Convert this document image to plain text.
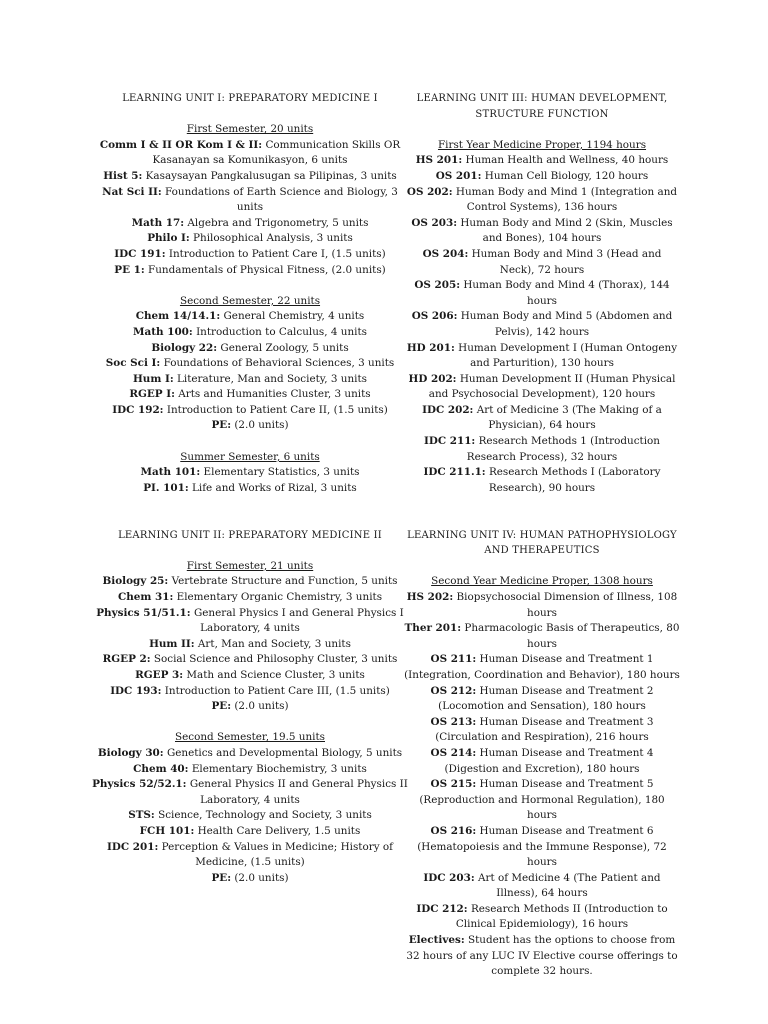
LEARNING UNIT I: PREPARATORY MEDICINE I

First Semester, 20 units

Comm I & II OR Kom I & II: Communication Skills OR Kasanayan sa Komunikasyon, 6 units

Hist 5: Kasaysayan Pangkalusugan sa Pilipinas, 3 units

Nat Sci II: Foundations of Earth Science and Biology, 3 units

Math 17: Algebra and Trigonometry, 5 units

Philo I: Philosophical Analysis, 3 units

IDC 191: Introduction to Patient Care I, (1.5 units)

PE 1: Fundamentals of Physical Fitness, (2.0 units)

Second Semester, 22 units

Chem 14/14.1: General Chemistry, 4 units

Math 100: Introduction to Calculus, 4 units

Biology 22: General Zoology, 5 units

Soc Sci I: Foundations of Behavioral Sciences, 3 units

Hum I: Literature, Man and Society, 3 units

RGEP I: Arts and Humanities Cluster, 3 units

IDC 192: Introduction to Patient Care II, (1.5 units)

PE: (2.0 units)

Summer Semester, 6 units

Math 101: Elementary Statistics, 3 units

PI. 101: Life and Works of Rizal, 3 units

LEARNING UNIT II: PREPARATORY MEDICINE II

First Semester, 21 units

Biology 25: Vertebrate Structure and Function, 5 units

Chem 31: Elementary Organic Chemistry, 3 units

Physics 51/51.1: General Physics I and General Physics I Laboratory, 4 units

Hum II: Art, Man and Society, 3 units

RGEP 2: Social Science and Philosophy Cluster, 3 units

RGEP 3: Math and Science Cluster, 3 units

IDC 193: Introduction to Patient Care III, (1.5 units)

PE: (2.0 units)

Second Semester, 19.5 units

Biology 30: Genetics and Developmental Biology, 5 units

Chem 40: Elementary Biochemistry, 3 units

Physics 52/52.1: General Physics II and General Physics II Laboratory, 4 units

STS: Science, Technology and Society, 3 units

FCH 101: Health Care Delivery, 1.5 units

IDC 201: Perception & Values in Medicine; History of Medicine, (1.5 units)

PE: (2.0 units)

LEARNING UNIT III: HUMAN DEVELOPMENT, STRUCTURE FUNCTION

First Year Medicine Proper, 1194 hours

HS 201: Human Health and Wellness, 40 hours

OS 201: Human Cell Biology, 120 hours

OS 202: Human Body and Mind 1 (Integration and Control Systems), 136 hours

OS 203: Human Body and Mind 2 (Skin, Muscles and Bones), 104 hours

OS 204: Human Body and Mind 3 (Head and Neck), 72 hours

OS 205: Human Body and Mind 4 (Thorax), 144 hours

OS 206: Human Body and Mind 5 (Abdomen and Pelvis), 142 hours

HD 201: Human Development I (Human Ontogeny and Parturition), 130 hours

HD 202: Human Development II (Human Physical and Psychosocial Development), 120 hours

IDC 202: Art of Medicine 3 (The Making of a Physician), 64 hours

IDC 211: Research Methods 1 (Introduction Research Process), 32 hours

IDC 211.1: Research Methods I (Laboratory Research), 90 hours

LEARNING UNIT IV: HUMAN PATHOPHYSIOLOGY AND THERAPEUTICS

Second Year Medicine Proper, 1308 hours

HS 202: Biopsychosocial Dimension of Illness, 108 hours

Ther 201: Pharmacologic Basis of Therapeutics, 80 hours

OS 211: Human Disease and Treatment 1 (Integration, Coordination and Behavior), 180 hours

OS 212: Human Disease and Treatment 2 (Locomotion and Sensation), 180 hours

OS 213: Human Disease and Treatment 3 (Circulation and Respiration), 216 hours

OS 214: Human Disease and Treatment 4 (Digestion and Excretion), 180 hours

OS 215: Human Disease and Treatment 5 (Reproduction and Hormonal Regulation), 180 hours

OS 216: Human Disease and Treatment 6 (Hematopoiesis and the Immune Response), 72 hours

IDC 203: Art of Medicine 4 (The Patient and Illness), 64 hours

IDC 212: Research Methods II (Introduction to Clinical Epidemiology), 16 hours

Electives: Student has the options to choose from 32 hours of any LUC IV Elective course offerings to complete 32 hours.
